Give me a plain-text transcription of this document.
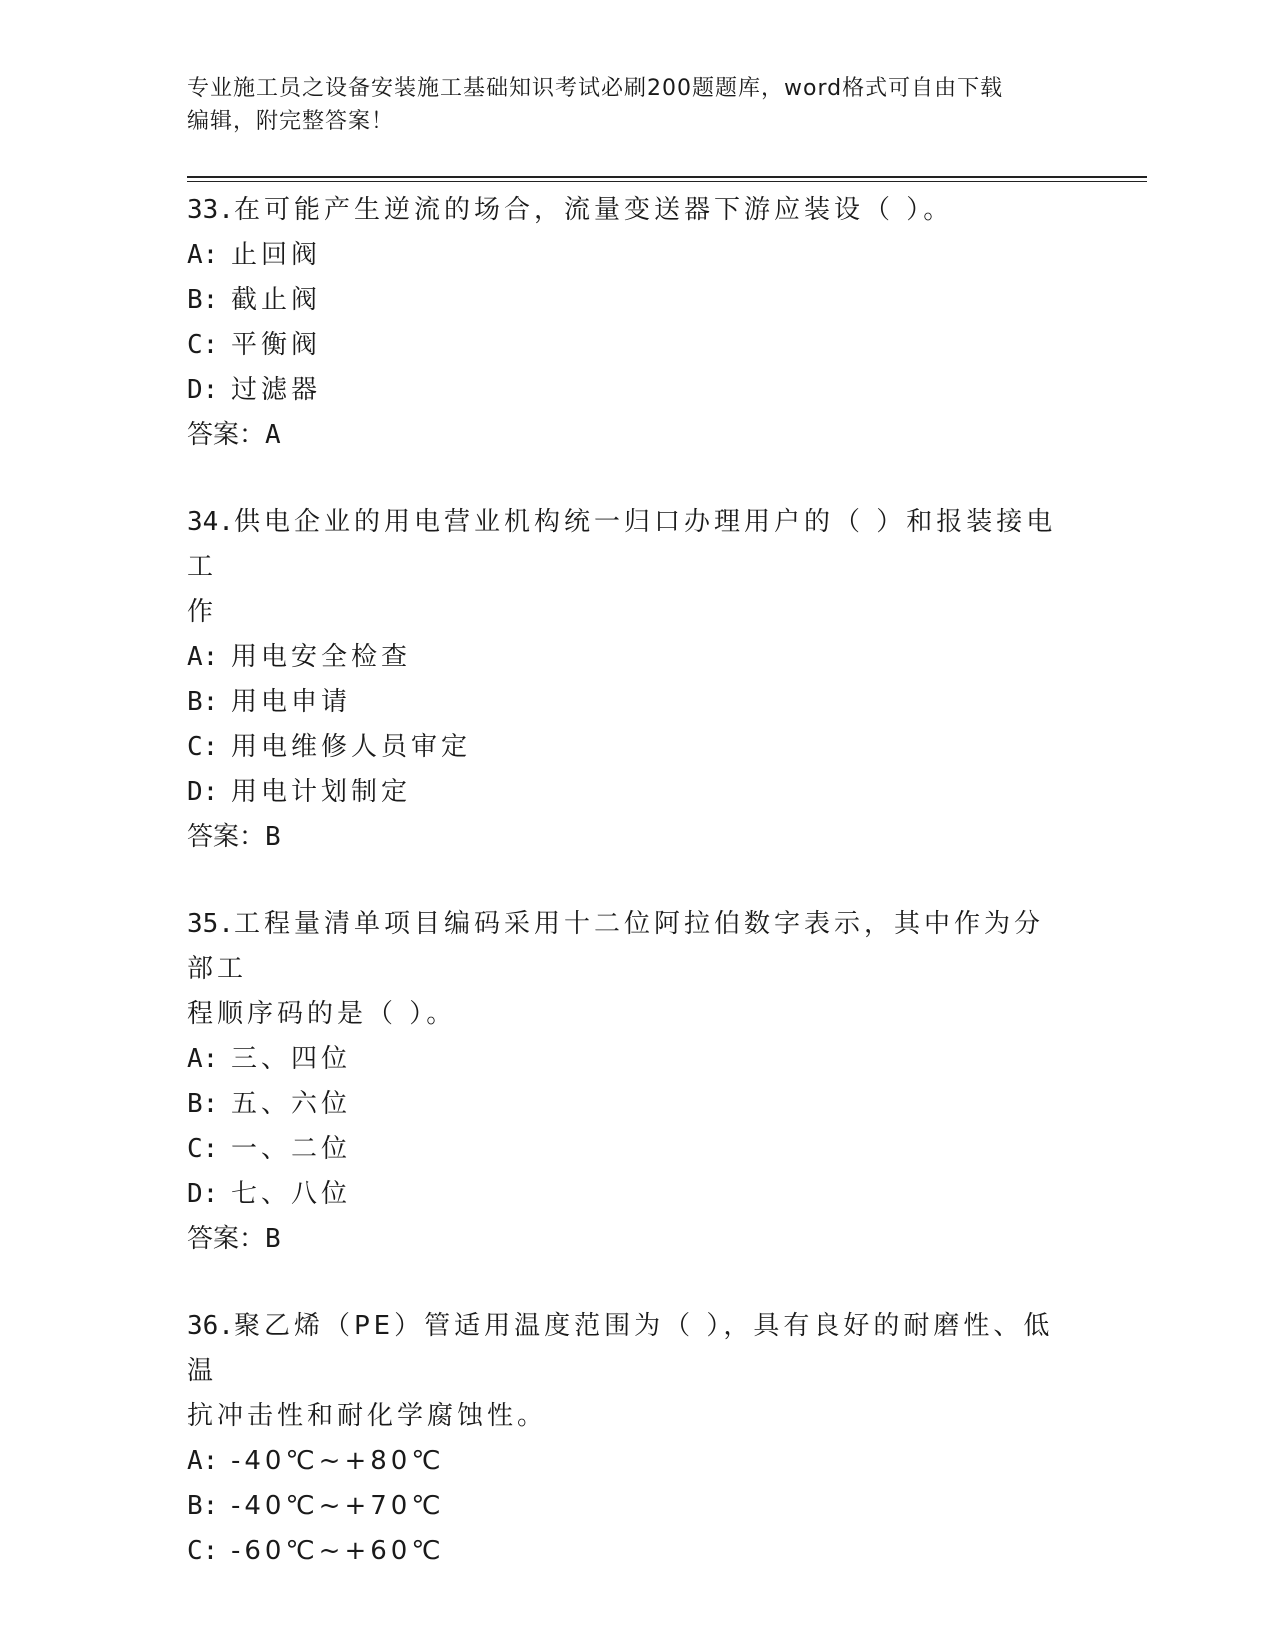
专业施工员之设备安装施工基础知识考试必刷200题题库，word格式可自由下载
编辑，附完整答案！
33.在可能产生逆流的场合，流量变送器下游应装设（ ）。
A: 止回阀
B: 截止阀
C: 平衡阀
D: 过滤器
答案：A
34.供电企业的用电营业机构统一归口办理用户的（ ）和报装接电工
作
A: 用电安全检查
B: 用电申请
C: 用电维修人员审定
D: 用电计划制定
答案：B
35.工程量清单项目编码采用十二位阿拉伯数字表示，其中作为分部工
程顺序码的是（ ）。
A: 三、四位
B: 五、六位
C: 一、二位
D: 七、八位
答案：B
36.聚乙烯（PE）管适用温度范围为（ ），具有良好的耐磨性、低温
抗冲击性和耐化学腐蚀性。
A: -40℃~+80℃
B: -40℃~+70℃
C: -60℃~+60℃
